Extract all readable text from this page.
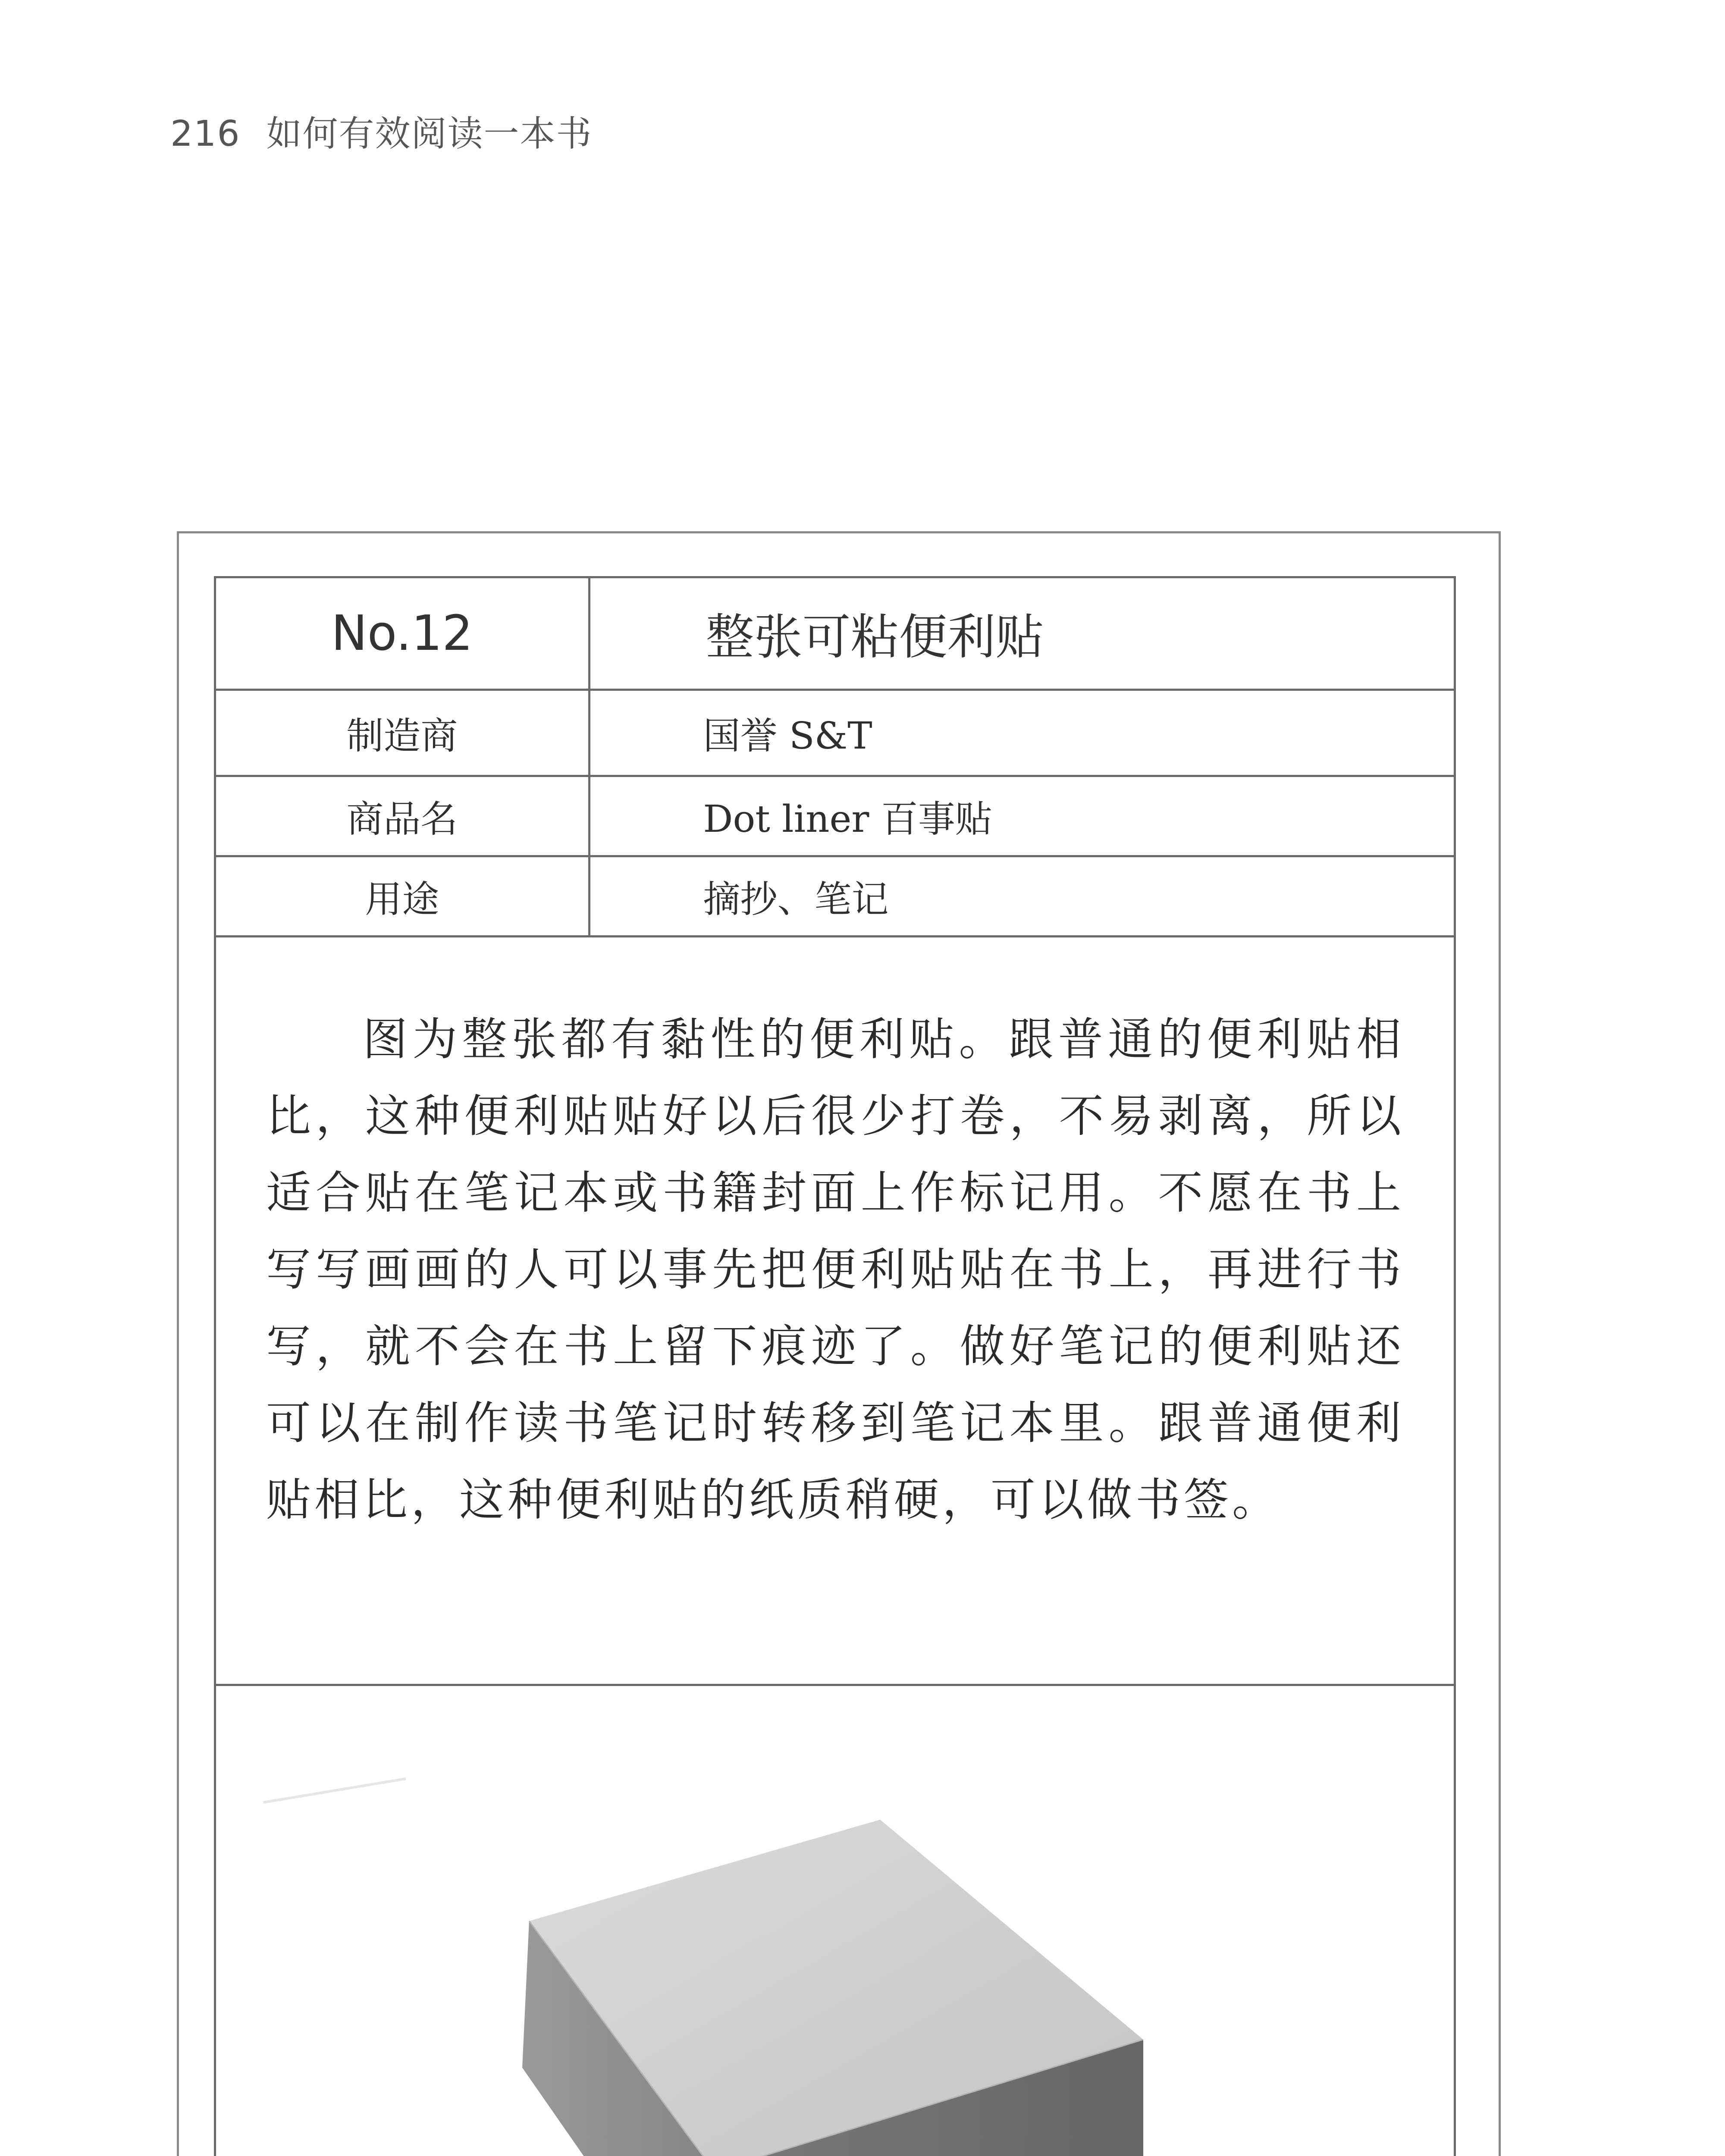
216 如何有效阅读一本书
No.12	整张可粘便利贴
制造商	国誉 S&T
商品名	Dot liner 百事贴
用途	摘抄、笔记

图为整张都有黏性的便利贴。跟普通的便利贴相比，这种便利贴贴好以后很少打卷，不易剥离，所以适合贴在笔记本或书籍封面上作标记用。不愿在书上写写画画的人可以事先把便利贴贴在书上，再进行书写，就不会在书上留下痕迹了。做好笔记的便利贴还可以在制作读书笔记时转移到笔记本里。跟普通便利贴相比，这种便利贴的纸质稍硬，可以做书签。
